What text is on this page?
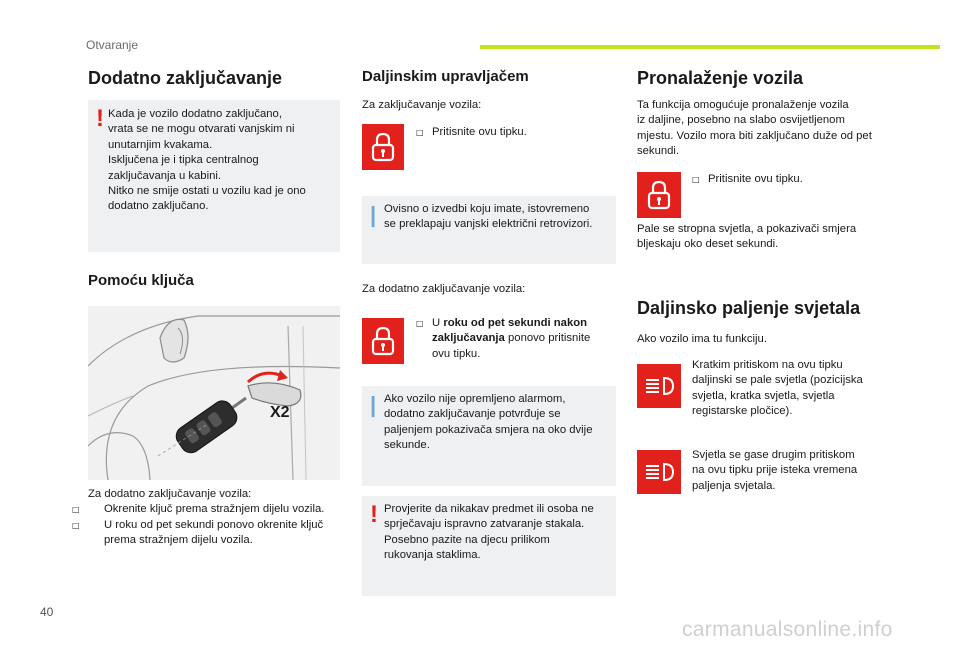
Otvaranje
Dodatno zaključavanje
! Kada je vozilo dodatno zaključano,
vrata se ne mogu otvarati vanjskim ni
unutarnjim kvakama.
Isključena je i tipka centralnog
zaključavanja u kabini.
Nitko ne smije ostati u vozilu kad je ono
dodatno zaključano.
Pomoću ključa
X2
Za dodatno zaključavanje vozila:
□ Okrenite ključ prema stražnjem dijelu vozila.
□ U roku od pet sekundi ponovo okrenite ključ
prema stražnjem dijelu vozila.
Daljinskim upravljačem
Za zaključavanje vozila:
□ Pritisnite ovu tipku.
| Ovisno o izvedbi koju imate, istovremeno
se preklapaju vanjski električni retrovizori.
Za dodatno zaključavanje vozila:
□ U roku od pet sekundi nakon
zaključavanja ponovo pritisnite
ovu tipku.
| Ako vozilo nije opremljeno alarmom,
dodatno zaključavanje potvrđuje se
paljenjem pokazivača smjera na oko dvije
sekunde.
! Provjerite da nikakav predmet ili osoba ne
sprječavaju ispravno zatvaranje stakala.
Posebno pazite na djecu prilikom
rukovanja staklima.
Pronalaženje vozila
Ta funkcija omogućuje pronalaženje vozila
iz daljine, posebno na slabo osvijetljenom
mjestu. Vozilo mora biti zaključano duže od pet
sekundi.
□ Pritisnite ovu tipku.
Pale se stropna svjetla, a pokazivači smjera
bljeskaju oko deset sekundi.
Daljinsko paljenje svjetala
Ako vozilo ima tu funkciju.
Kratkim pritiskom na ovu tipku
daljinski se pale svjetla (pozicijska
svjetla, kratka svjetla, svjetla
registarske pločice).
Svjetla se gase drugim pritiskom
na ovu tipku prije isteka vremena
paljenja svjetala.
40
carmanualsonline.info
